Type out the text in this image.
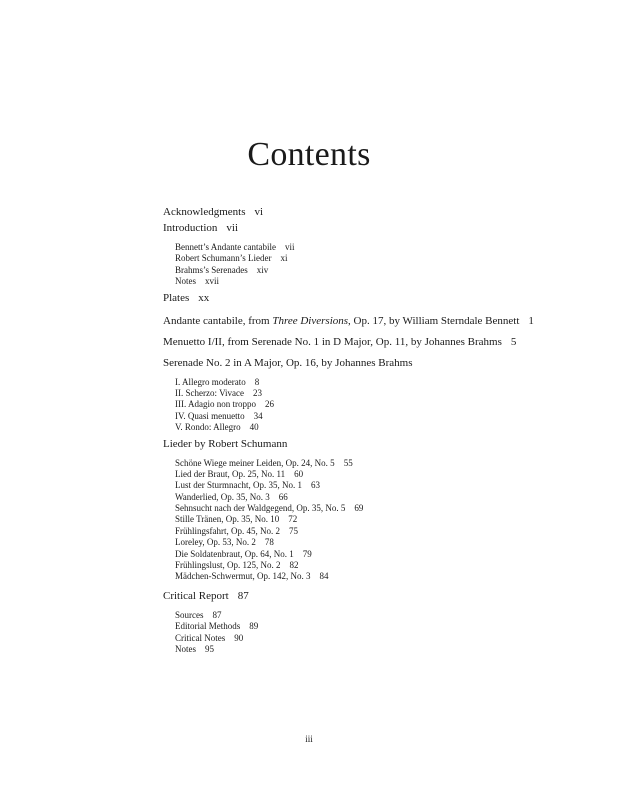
Contents
Acknowledgments vi
Introduction vii
Bennett’s Andante cantabile vii
Robert Schumann’s Lieder xi
Brahms’s Serenades xiv
Notes xvii
Plates xx
Andante cantabile, from Three Diversions, Op. 17, by William Sterndale Bennett 1
Menuetto I/II, from Serenade No. 1 in D Major, Op. 11, by Johannes Brahms 5
Serenade No. 2 in A Major, Op. 16, by Johannes Brahms
I. Allegro moderato 8
II. Scherzo: Vivace 23
III. Adagio non troppo 26
IV. Quasi menuetto 34
V. Rondo: Allegro 40
Lieder by Robert Schumann
Schöne Wiege meiner Leiden, Op. 24, No. 5 55
Lied der Braut, Op. 25, No. 11 60
Lust der Sturmnacht, Op. 35, No. 1 63
Wanderlied, Op. 35, No. 3 66
Sehnsucht nach der Waldgegend, Op. 35, No. 5 69
Stille Tränen, Op. 35, No. 10 72
Frühlingsfahrt, Op. 45, No. 2 75
Loreley, Op. 53, No. 2 78
Die Soldatenbraut, Op. 64, No. 1 79
Frühlingslust, Op. 125, No. 2 82
Mädchen-Schwermut, Op. 142, No. 3 84
Critical Report 87
Sources 87
Editorial Methods 89
Critical Notes 90
Notes 95
iii
